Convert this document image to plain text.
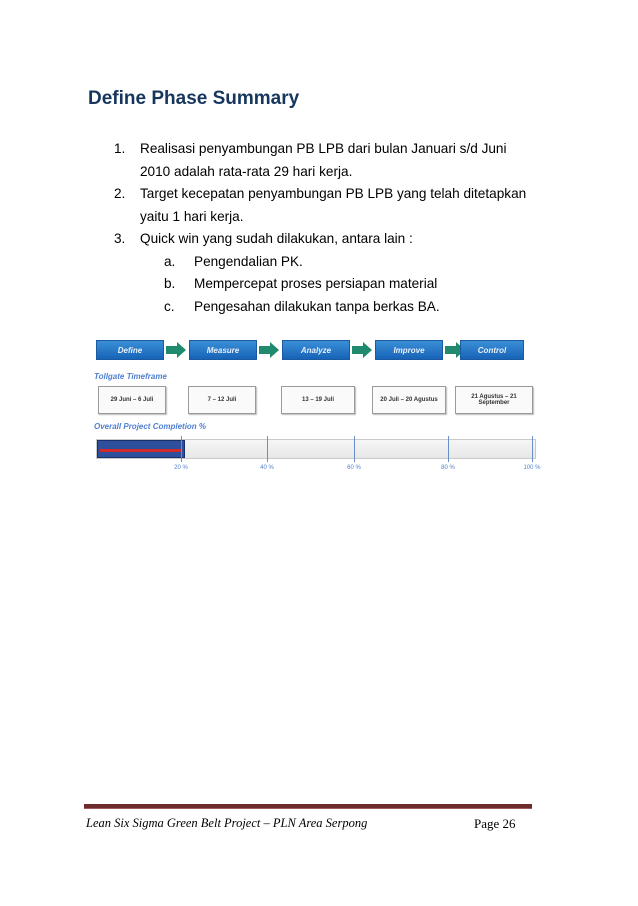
Define Phase Summary
1.	Realisasi penyambungan PB LPB dari bulan Januari s/d Juni 2010 adalah rata-rata 29 hari kerja.
2.	Target kecepatan penyambungan PB LPB yang telah ditetapkan yaitu 1 hari kerja.
3.	Quick win yang sudah dilakukan, antara lain :
a.	Pengendalian PK.
b.	Mempercepat proses persiapan material
c.	Pengesahan dilakukan tanpa berkas BA.
Define	Measure	Analyze	Improve	Control
Tollgate Timeframe
29 Juni – 6 Juli	7 – 12 Juli	13 – 19 Juli	20 Juli – 20 Agustus	21 Agustus – 21 September
Overall Project Completion %
20 %	40 %	60 %	80 %	100 %
Lean Six Sigma Green Belt Project – PLN Area Serpong	Page 26
